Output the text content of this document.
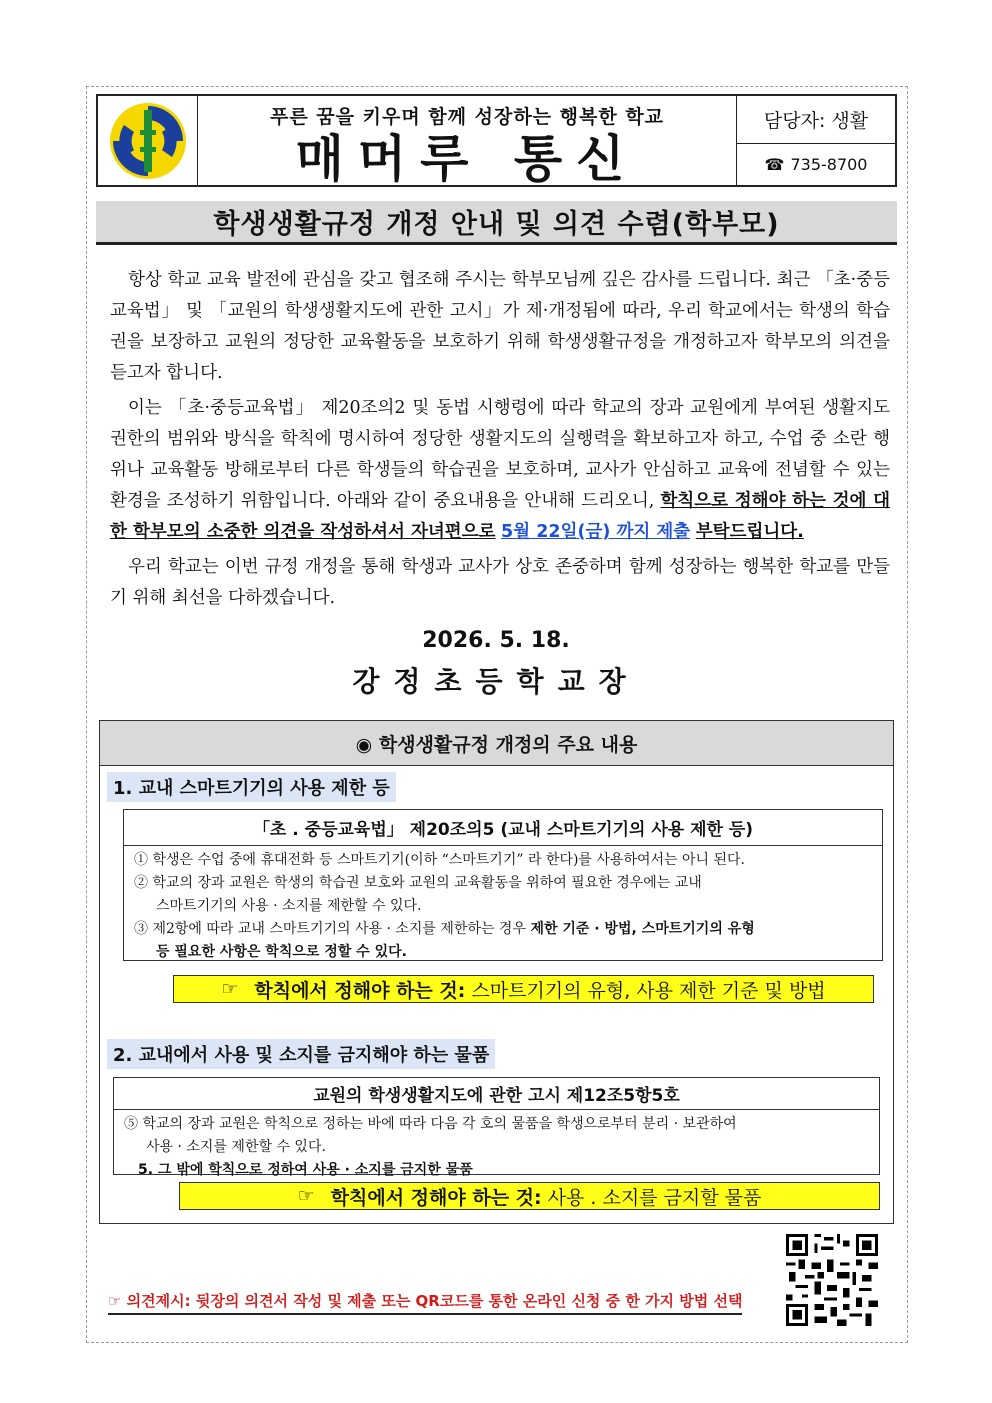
푸른 꿈을 키우며 함께 성장하는 행복한 학교
매머루 통신
담당자: 생활
☎ 735-8700
학생생활규정 개정 안내 및 의견 수렴(학부모)

항상 학교 교육 발전에 관심을 갖고 협조해 주시는 학부모님께 깊은 감사를 드립니다. 최근 「초·중등교육법」 및 「교원의 학생생활지도에 관한 고시」가 제·개정됨에 따라, 우리 학교에서는 학생의 학습권을 보장하고 교원의 정당한 교육활동을 보호하기 위해 학생생활규정을 개정하고자 학부모의 의견을 듣고자 합니다.

이는 「초·중등교육법」 제20조의2 및 동법 시행령에 따라 학교의 장과 교원에게 부여된 생활지도 권한의 범위와 방식을 학칙에 명시하여 정당한 생활지도의 실행력을 확보하고자 하고, 수업 중 소란 행위나 교육활동 방해로부터 다른 학생들의 학습권을 보호하며, 교사가 안심하고 교육에 전념할 수 있는 환경을 조성하기 위함입니다. 아래와 같이 중요내용을 안내해 드리오니, 학칙으로 정해야 하는 것에 대한 학부모의 소중한 의견을 작성하셔서 자녀편으로 5월 22일(금) 까지 제출 부탁드립니다.

우리 학교는 이번 규정 개정을 통해 학생과 교사가 상호 존중하며 함께 성장하는 행복한 학교를 만들기 위해 최선을 다하겠습니다.

2026. 5. 18.
강정초등학교장
◉ 학생생활규정 개정의 주요 내용
1. 교내 스마트기기의 사용 제한 등
「초 . 중등교육법」 제20조의5 (교내 스마트기기의 사용 제한 등)
① 학생은 수업 중에 휴대전화 등 스마트기기(이하 “스마트기기” 라 한다)를 사용하여서는 아니 된다.
② 학교의 장과 교원은 학생의 학습권 보호와 교원의 교육활동을 위하여 필요한 경우에는 교내
스마트기기의 사용 · 소지를 제한할 수 있다.
③ 제2항에 따라 교내 스마트기기의 사용 · 소지를 제한하는 경우 제한 기준 · 방법, 스마트기기의 유형
등 필요한 사항은 학칙으로 정할 수 있다.
☞ 학칙에서 정해야 하는 것: 스마트기기의 유형, 사용 제한 기준 및 방법
2. 교내에서 사용 및 소지를 금지해야 하는 물품
교원의 학생생활지도에 관한 고시 제12조5항5호
⑤ 학교의 장과 교원은 학칙으로 정하는 바에 따라 다음 각 호의 물품을 학생으로부터 분리 · 보관하여
사용 · 소지를 제한할 수 있다.
5. 그 밖에 학칙으로 정하여 사용 · 소지를 금지한 물품
☞ 학칙에서 정해야 하는 것: 사용 . 소지를 금지할 물품
☞ 의견제시: 뒷장의 의견서 작성 및 제출 또는 QR코드를 통한 온라인 신청 중 한 가지 방법 선택
